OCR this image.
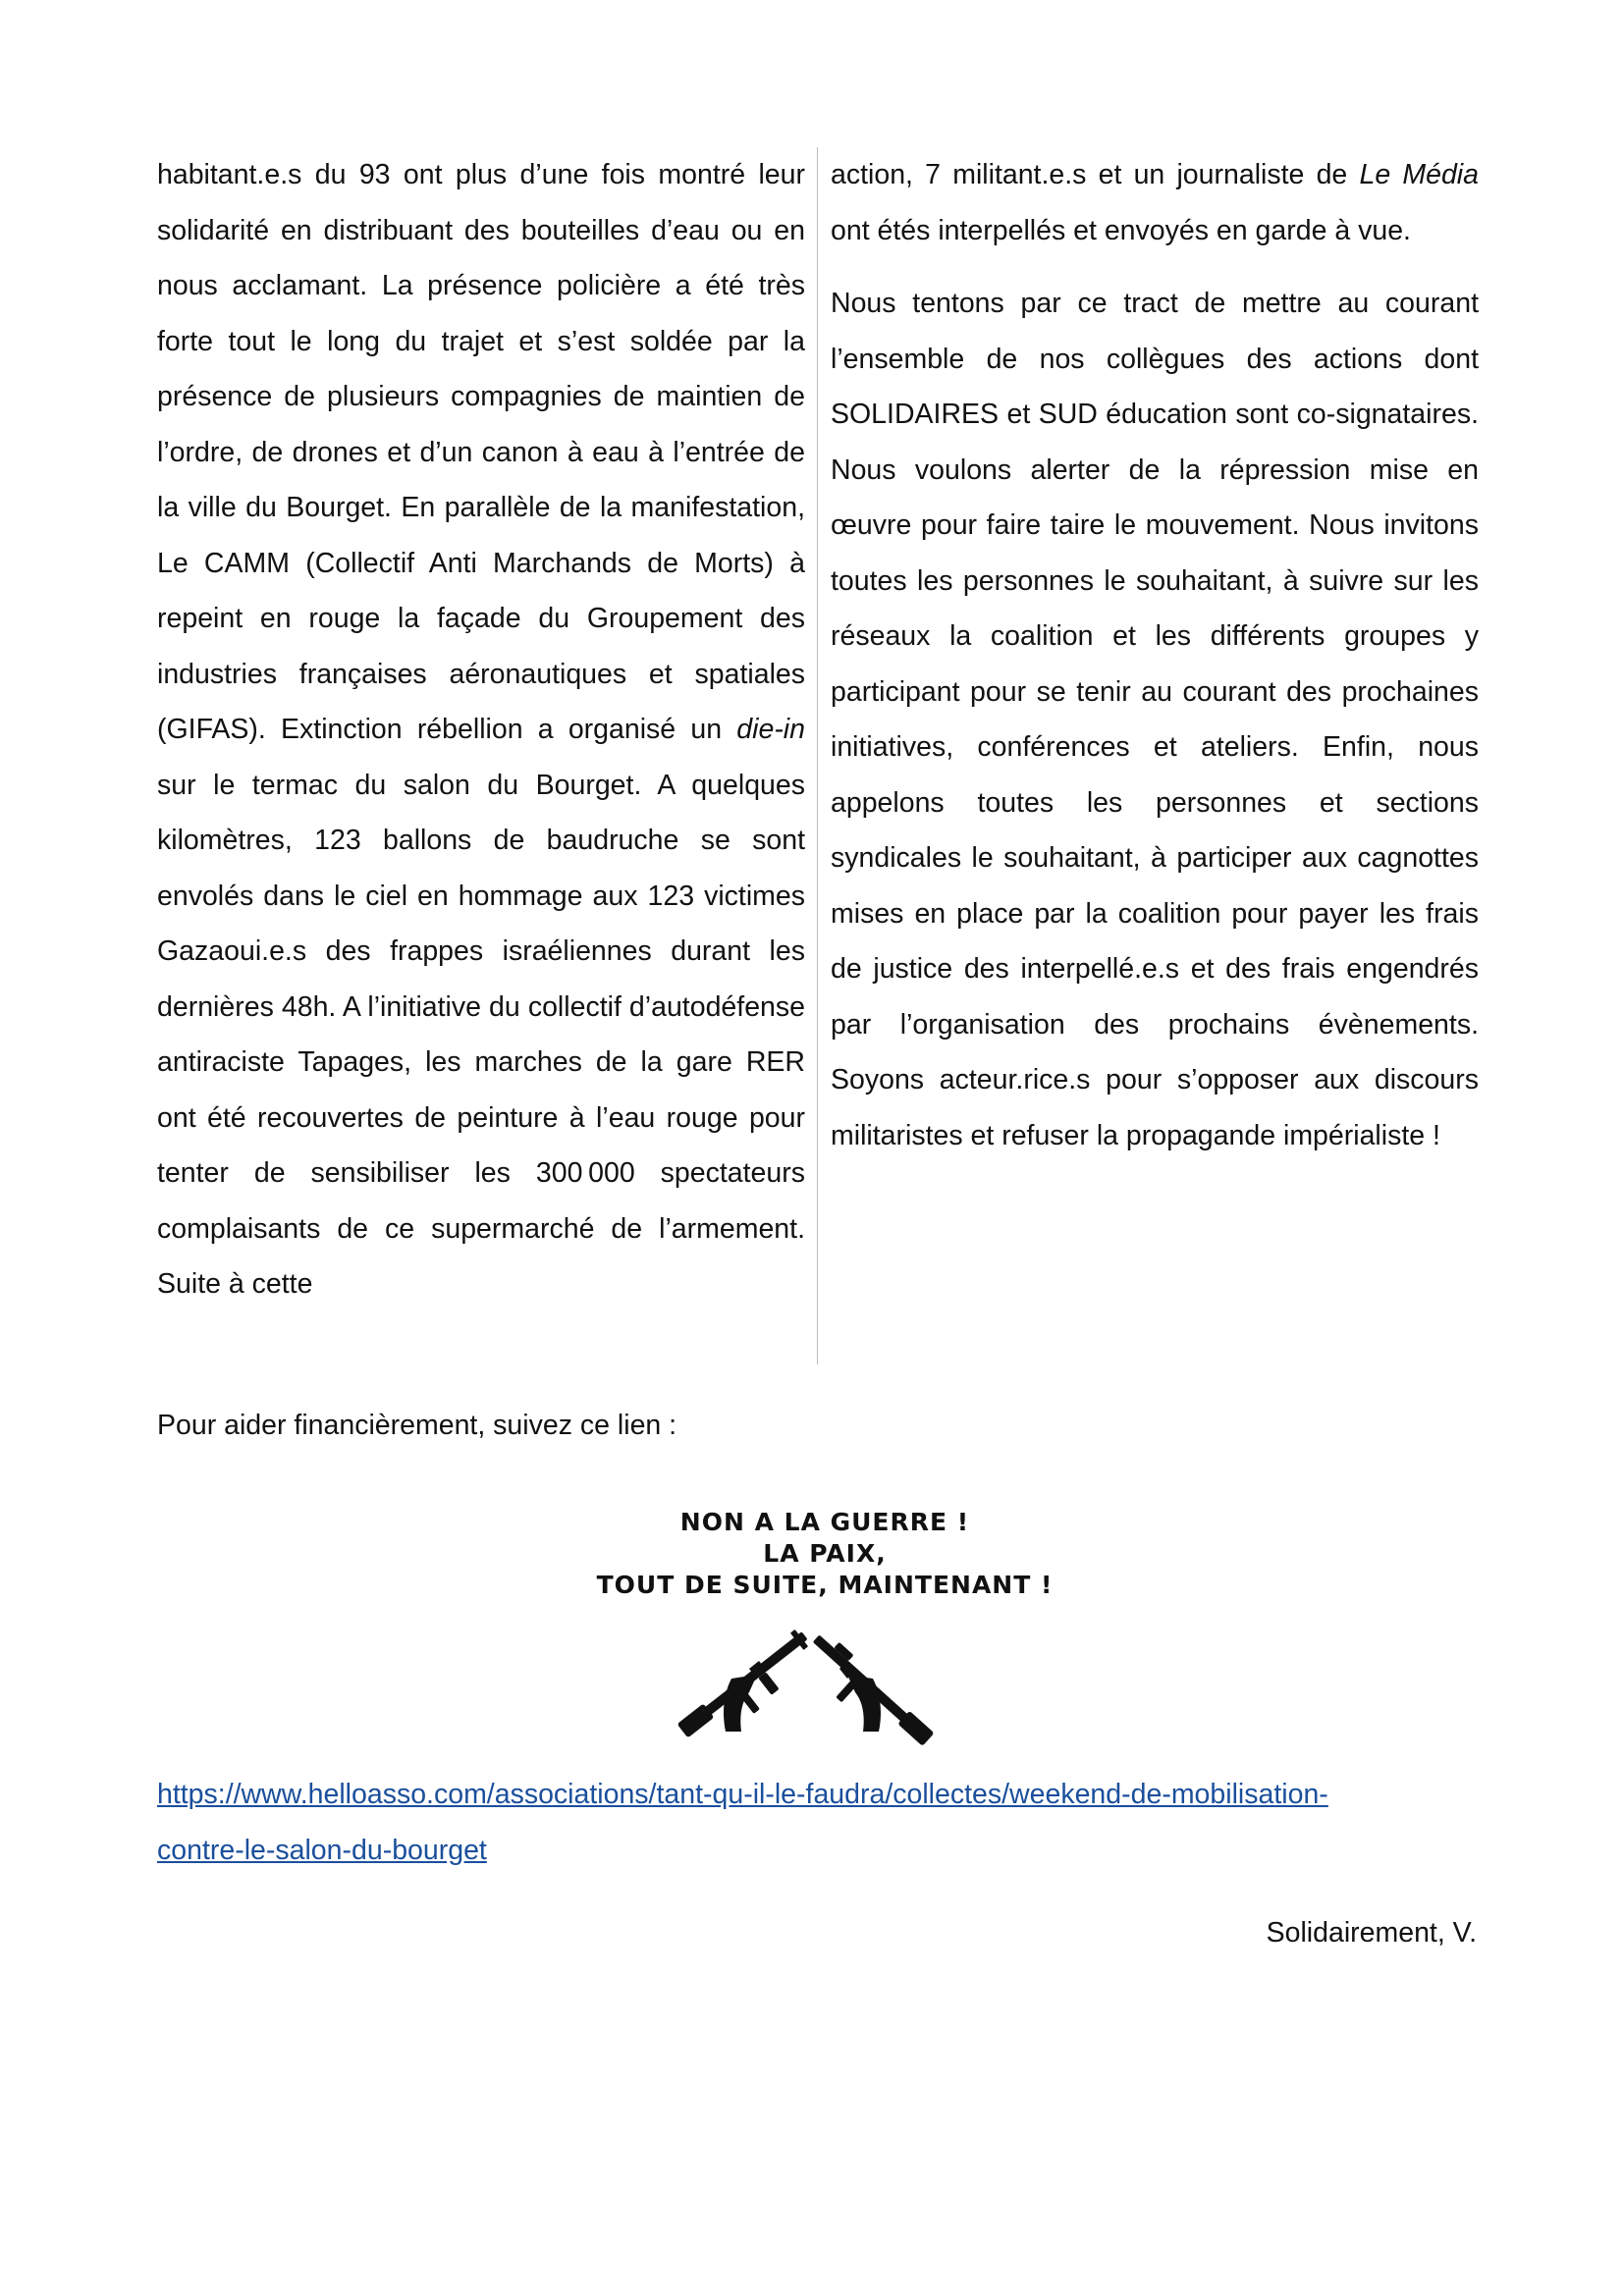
habitant.e.s du 93 ont plus d’une fois montré leur solidarité en distribuant des bouteilles d’eau ou en nous acclamant. La présence policière a été très forte tout le long du trajet et s’est soldée par la présence de plusieurs compagnies de maintien de l’ordre, de drones et d’un canon à eau à l’entrée de la ville du Bourget. En parallèle de la manifestation, Le CAMM (Collectif Anti Marchands de Morts) à repeint en rouge la façade du Groupement des industries françaises aéronautiques et spatiales (GIFAS). Extinction rébellion a organisé un die-in sur le termac du salon du Bourget. A quelques kilomètres, 123 ballons de baudruche se sont envolés dans le ciel en hommage aux 123 victimes Gazaoui.e.s des frappes israéliennes durant les dernières 48h. A l’initiative du collectif d’autodéfense antiraciste Tapages, les marches de la gare RER ont été recouvertes de peinture à l’eau rouge pour tenter de sensibiliser les 300 000 spectateurs complaisants de ce supermarché de l’armement. Suite à cette

action, 7 militant.e.s et un journaliste de Le Média ont étés interpellés et envoyés en garde à vue.

Nous tentons par ce tract de mettre au courant l’ensemble de nos collègues des actions dont SOLIDAIRES et SUD éducation sont co-signataires. Nous voulons alerter de la répression mise en œuvre pour faire taire le mouvement. Nous invitons toutes les personnes le souhaitant, à suivre sur les réseaux la coalition et les différents groupes y participant pour se tenir au courant des prochaines initiatives, conférences et ateliers. Enfin, nous appelons toutes les personnes et sections syndicales le souhaitant, à participer aux cagnottes mises en place par la coalition pour payer les frais de justice des interpellé.e.s et des frais engendrés par l’organisation des prochains évènements. Soyons acteur.rice.s pour s’opposer aux discours militaristes et refuser la propagande impérialiste !

Pour aider financièrement, suivez ce lien :

NON A LA GUERRE !
LA PAIX,
TOUT DE SUITE, MAINTENANT !

https://www.helloasso.com/associations/tant-qu-il-le-faudra/collectes/weekend-de-mobilisation-
contre-le-salon-du-bourget

Solidairement, V.
